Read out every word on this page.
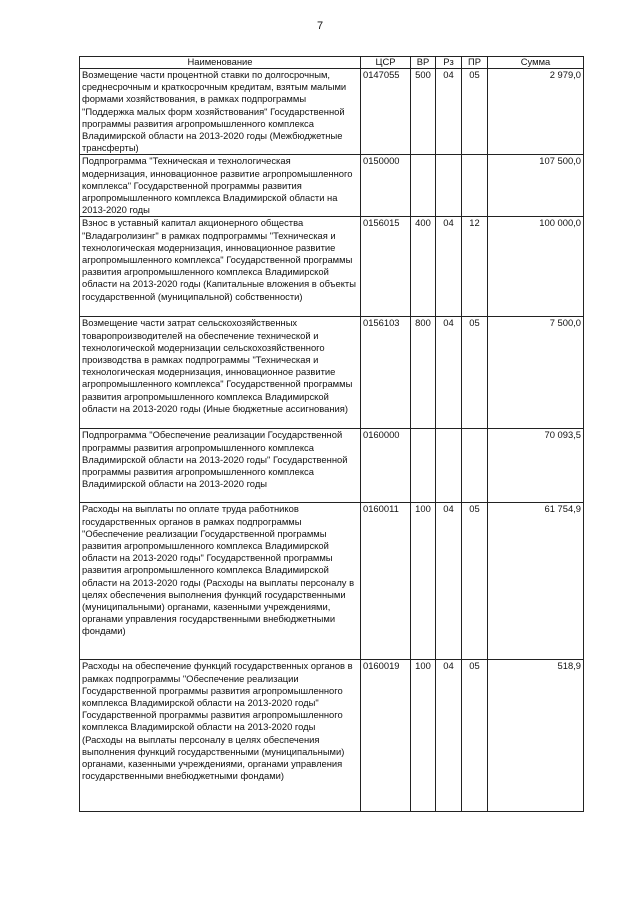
7
Наименование	ЦСР	ВР	Рз	ПР	Сумма
Возмещение части процентной ставки по долгосрочным, среднесрочным и краткосрочным кредитам, взятым малыми формами хозяйствования, в рамках подпрограммы "Поддержка малых форм хозяйствования" Государственной программы развития агропромышленного комплекса Владимирской области на 2013-2020 годы (Межбюджетные трансферты)	0147055	500	04	05	2 979,0
Подпрограмма "Техническая и технологическая модернизация, инновационное развитие агропромышленного комплекса" Государственной программы развития агропромышленного комплекса Владимирской области на 2013-2020 годы	0150000				107 500,0
Взнос в уставный капитал акционерного общества "Владагролизинг" в рамках подпрограммы "Техническая и технологическая модернизация, инновационное развитие агропромышленного комплекса" Государственной программы развития агропромышленного комплекса Владимирской области на 2013-2020 годы (Капитальные вложения в объекты государственной (муниципальной) собственности)	0156015	400	04	12	100 000,0
Возмещение части затрат сельскохозяйственных товаропроизводителей на обеспечение технической и технологической модернизации сельскохозяйственного производства в рамках подпрограммы "Техническая и технологическая модернизация, инновационное развитие агропромышленного комплекса" Государственной программы развития агропромышленного комплекса Владимирской области на 2013-2020 годы (Иные бюджетные ассигнования)	0156103	800	04	05	7 500,0
Подпрограмма "Обеспечение реализации Государственной программы развития агропромышленного комплекса Владимирской области на 2013-2020 годы" Государственной программы развития агропромышленного комплекса Владимирской области на 2013-2020 годы	0160000				70 093,5
Расходы на выплаты по оплате труда работников государственных органов в рамках подпрограммы "Обеспечение реализации Государственной программы развития агропромышленного комплекса Владимирской области на 2013-2020 годы" Государственной программы развития агропромышленного комплекса Владимирской области на 2013-2020 годы (Расходы на выплаты персоналу в целях обеспечения выполнения функций государственными (муниципальными) органами, казенными учреждениями, органами управления государственными внебюджетными фондами)	0160011	100	04	05	61 754,9
Расходы на обеспечение функций государственных органов в рамках подпрограммы "Обеспечение реализации Государственной программы развития агропромышленного комплекса Владимирской области на 2013-2020 годы" Государственной программы развития агропромышленного комплекса Владимирской области на 2013-2020 годы (Расходы на выплаты персоналу в целях обеспечения выполнения функций государственными (муниципальными) органами, казенными учреждениями, органами управления государственными внебюджетными фондами)	0160019	100	04	05	518,9
